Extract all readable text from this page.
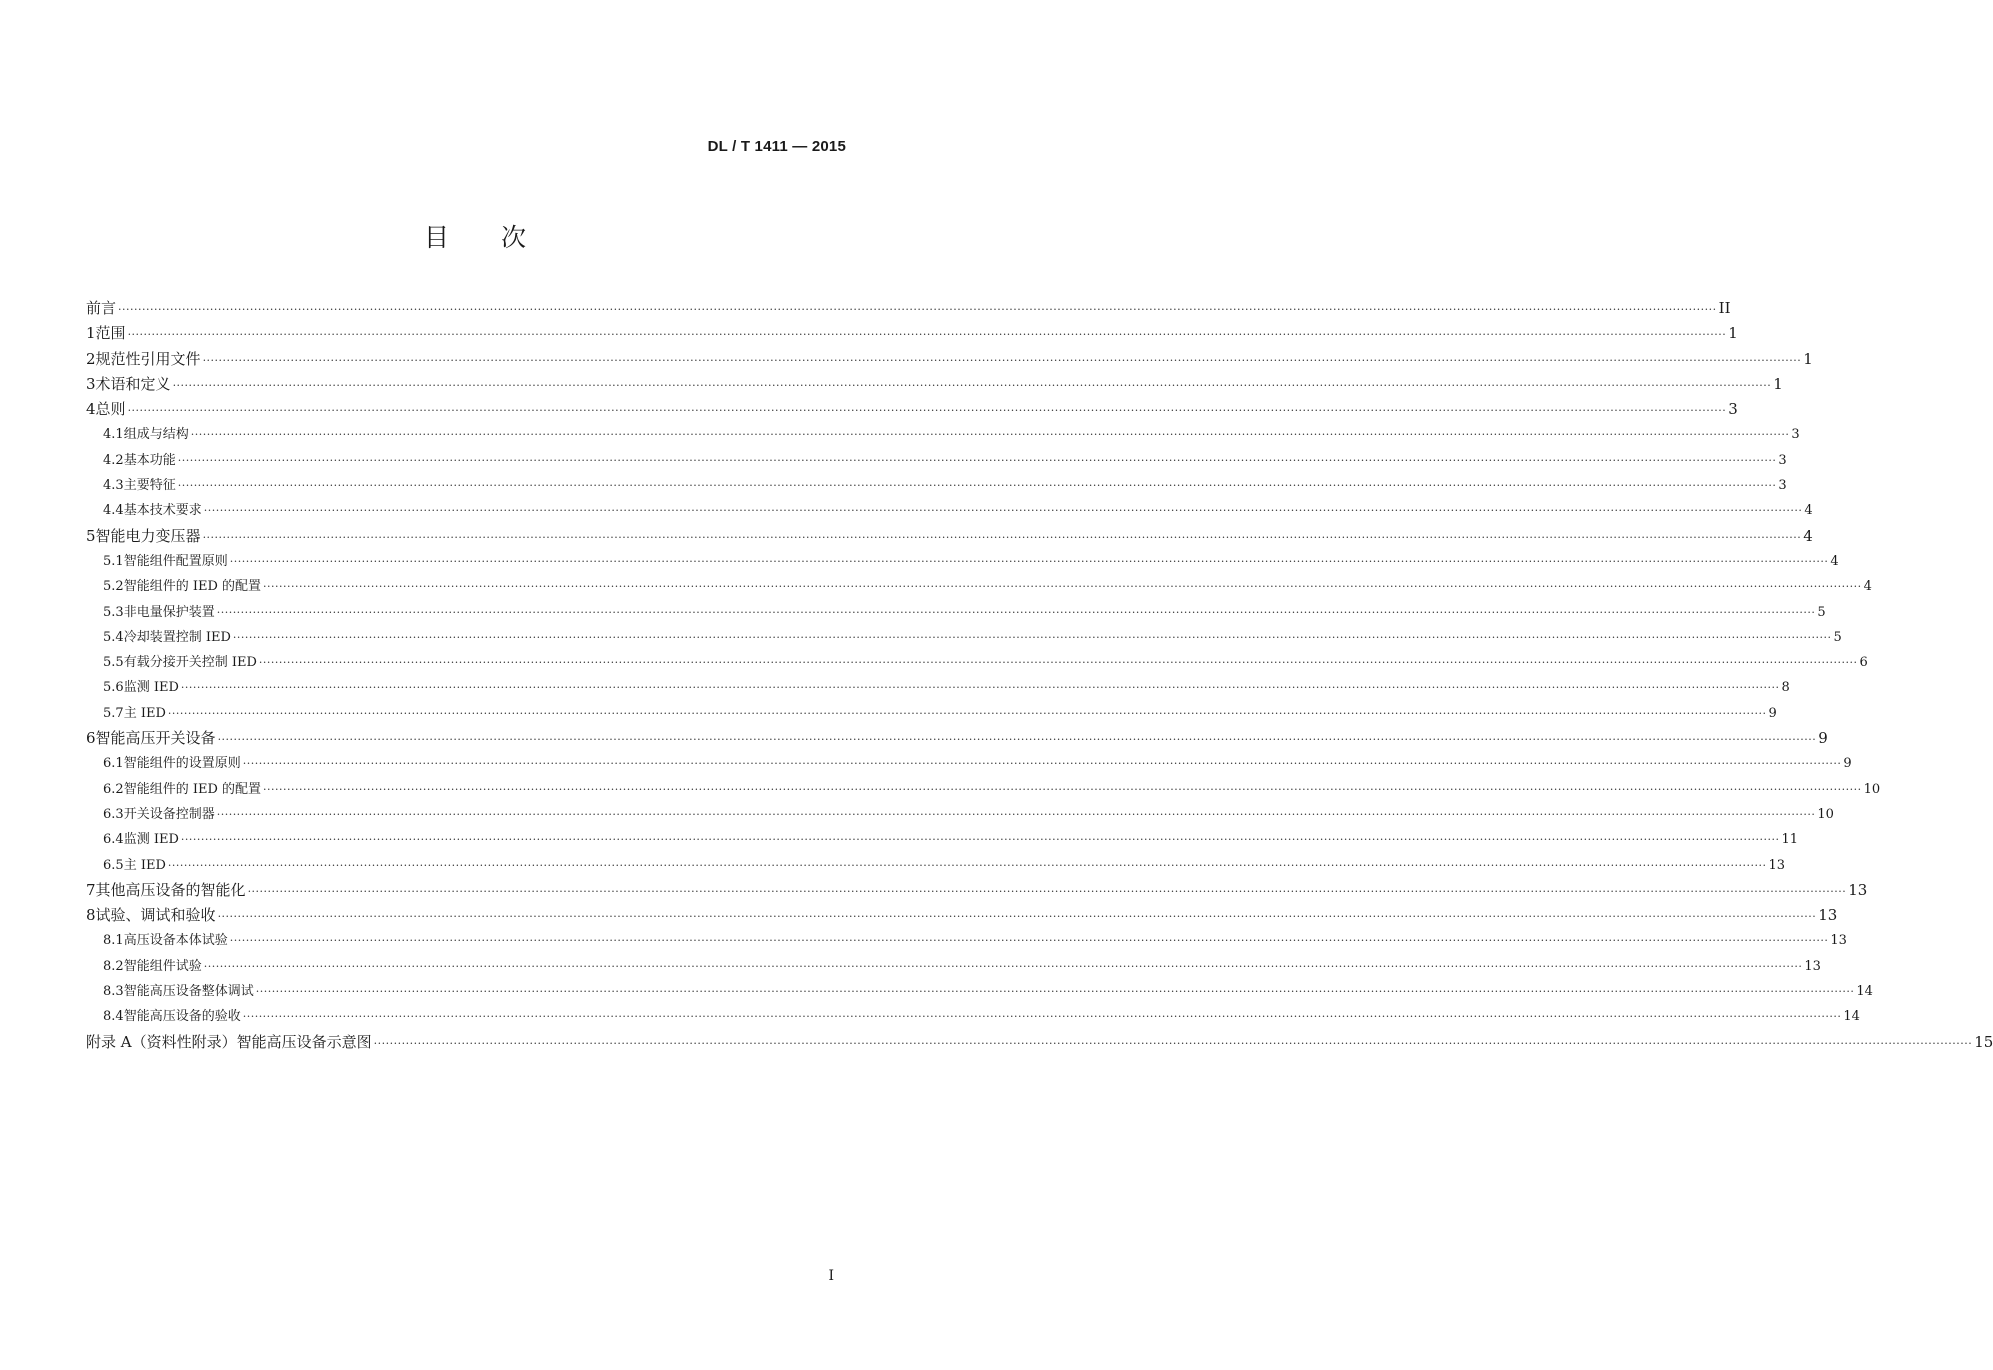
DL / T 1411 — 2015
目次
前言 ················································································································································································································································································································································································································ II
1 范围 ················································································································································································································································································································································································································ 1
2 规范性引用文件 ················································································································································································································································································································································································································ 1
3 术语和定义 ················································································································································································································································································································································································································ 1
4 总则 ················································································································································································································································································································································································································ 3
4.1 组成与结构 ················································································································································································································································································································································································································ 3
4.2 基本功能 ················································································································································································································································································································································································································ 3
4.3 主要特征 ················································································································································································································································································································································································································ 3
4.4 基本技术要求 ················································································································································································································································································································································································································ 4
5 智能电力变压器 ················································································································································································································································································································································································································ 4
5.1 智能组件配置原则 ················································································································································································································································································································································································································ 4
5.2 智能组件的 IED 的配置 ················································································································································································································································································································································································································ 4
5.3 非电量保护装置 ················································································································································································································································································································································································································ 5
5.4 冷却装置控制 IED ················································································································································································································································································································································································································ 5
5.5 有载分接开关控制 IED ················································································································································································································································································································································································································ 6
5.6 监测 IED ················································································································································································································································································································································································································ 8
5.7 主 IED ················································································································································································································································································································································································································ 9
6 智能高压开关设备 ················································································································································································································································································································································································································ 9
6.1 智能组件的设置原则 ················································································································································································································································································································································································································ 9
6.2 智能组件的 IED 的配置 ················································································································································································································································································································································································································ 10
6.3 开关设备控制器 ················································································································································································································································································································································································································ 10
6.4 监测 IED ················································································································································································································································································································································································································ 11
6.5 主 IED ················································································································································································································································································································································································································ 13
7 其他高压设备的智能化 ················································································································································································································································································································································································································ 13
8 试验、调试和验收 ················································································································································································································································································································································································································ 13
8.1 高压设备本体试验 ················································································································································································································································································································································································································ 13
8.2 智能组件试验 ················································································································································································································································································································································································································ 13
8.3 智能高压设备整体调试 ················································································································································································································································································································································································································ 14
8.4 智能高压设备的验收 ················································································································································································································································································································································································································ 14
附录 A（资料性附录）智能高压设备示意图 ················································································································································································································································································································································································································ 15
I
